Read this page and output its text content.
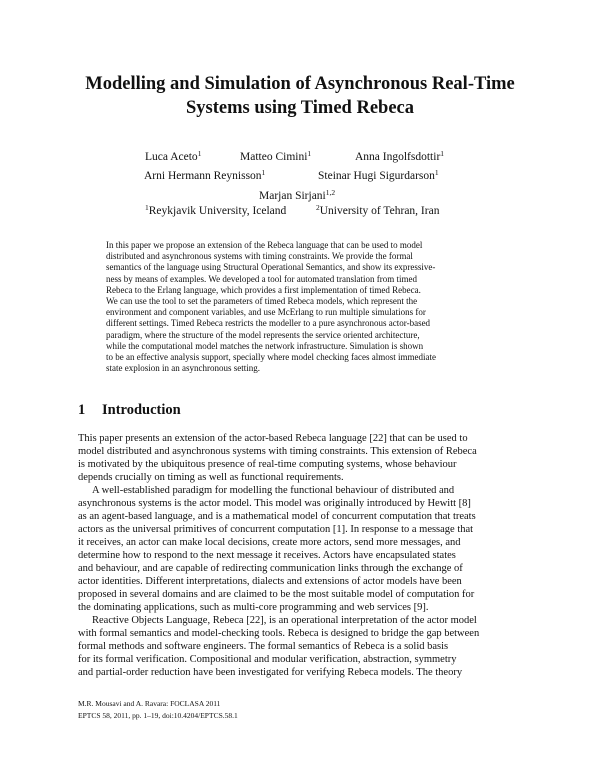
Modelling and Simulation of Asynchronous Real-Time
Systems using Timed Rebeca
Luca Aceto$^1$	Matteo Cimini$^1$	Anna Ingolfsdottir$^1$
Arni Hermann Reynisson$^1$	Steinar Hugi Sigurdarson$^1$
Marjan Sirjani$^{1,2}$
$^1$Reykjavik University, Iceland	$^2$University of Tehran, Iran
In this paper we propose an extension of the Rebeca language that can be used to model
distributed and asynchronous systems with timing constraints. We provide the formal
semantics of the language using Structural Operational Semantics, and show its expressive-
ness by means of examples. We developed a tool for automated translation from timed
Rebeca to the Erlang language, which provides a first implementation of timed Rebeca.
We can use the tool to set the parameters of timed Rebeca models, which represent the
environment and component variables, and use McErlang to run multiple simulations for
different settings. Timed Rebeca restricts the modeller to a pure asynchronous actor-based
paradigm, where the structure of the model represents the service oriented architecture,
while the computational model matches the network infrastructure. Simulation is shown
to be an effective analysis support, specially where model checking faces almost immediate
state explosion in an asynchronous setting.
1 Introduction
This paper presents an extension of the actor-based Rebeca language [22] that can be used to
model distributed and asynchronous systems with timing constraints. This extension of Rebeca
is motivated by the ubiquitous presence of real-time computing systems, whose behaviour
depends crucially on timing as well as functional requirements.
A well-established paradigm for modelling the functional behaviour of distributed and
asynchronous systems is the actor model. This model was originally introduced by Hewitt [8]
as an agent-based language, and is a mathematical model of concurrent computation that treats
actors as the universal primitives of concurrent computation [1]. In response to a message that
it receives, an actor can make local decisions, create more actors, send more messages, and
determine how to respond to the next message it receives. Actors have encapsulated states
and behaviour, and are capable of redirecting communication links through the exchange of
actor identities. Different interpretations, dialects and extensions of actor models have been
proposed in several domains and are claimed to be the most suitable model of computation for
the dominating applications, such as multi-core programming and web services [9].
Reactive Objects Language, Rebeca [22], is an operational interpretation of the actor model
with formal semantics and model-checking tools. Rebeca is designed to bridge the gap between
formal methods and software engineers. The formal semantics of Rebeca is a solid basis
for its formal verification. Compositional and modular verification, abstraction, symmetry
and partial-order reduction have been investigated for verifying Rebeca models. The theory
M.R. Mousavi and A. Ravara: FOCLASA 2011
EPTCS 58, 2011, pp. 1–19, doi:10.4204/EPTCS.58.1
